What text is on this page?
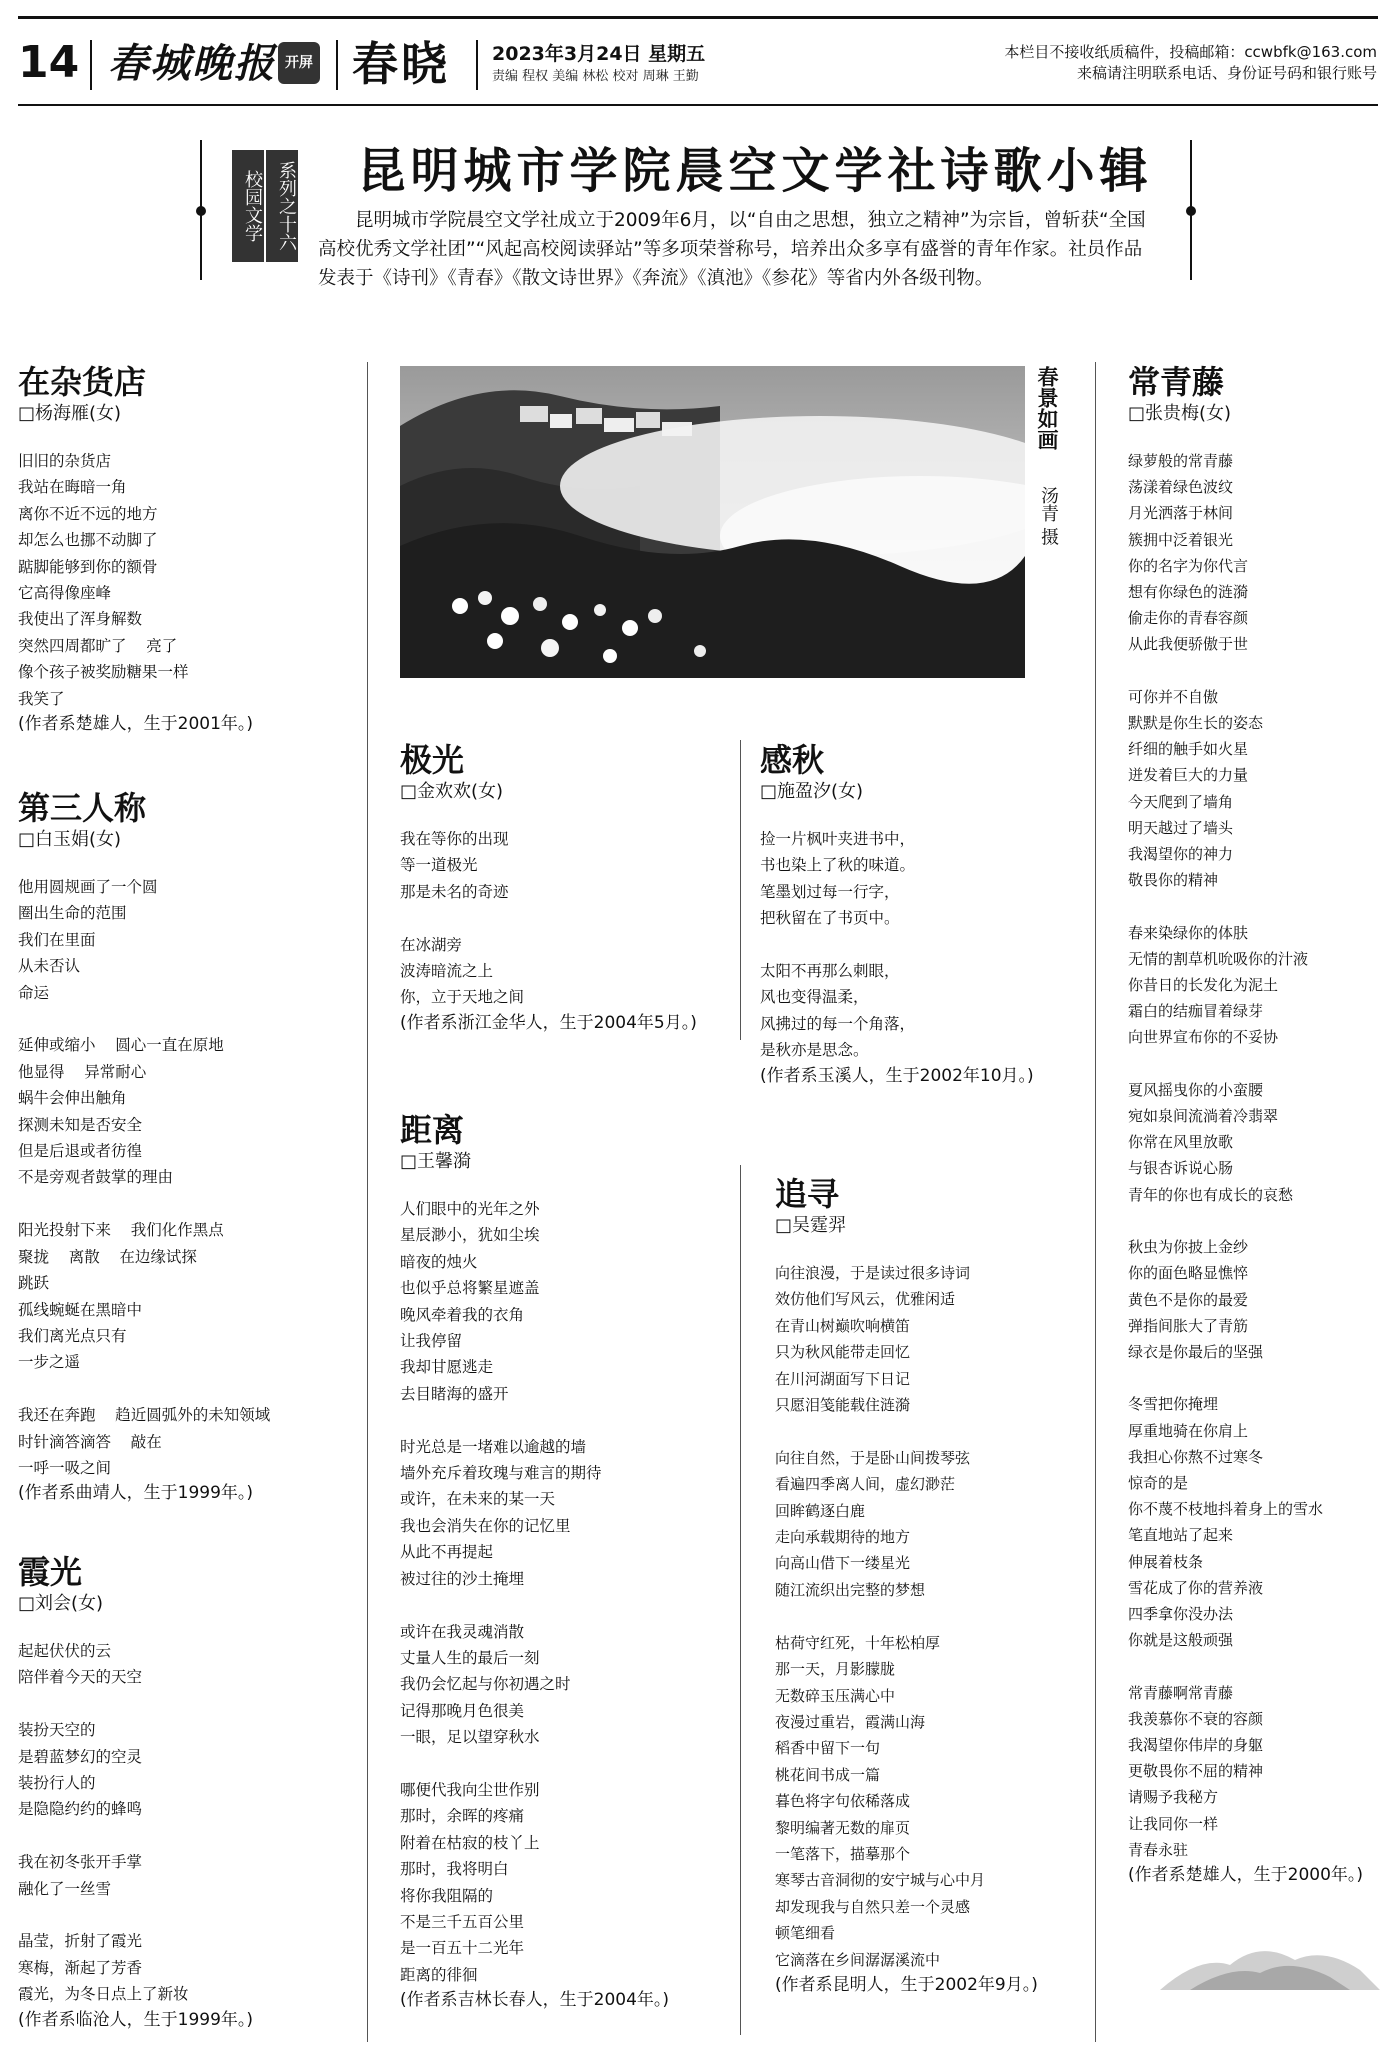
14 春城晚报 开屏 春晓 2023年3月24日 星期五
责编 程权 美编 林松 校对 周琳 王勤
本栏目不接收纸质稿件，投稿邮箱：ccwbfk@163.com
来稿请注明联系电话、身份证号码和银行账号
系列之十六
校园文学	昆明城市学院晨空文学社诗歌小辑
昆明城市学院晨空文学社成立于2009年6月，以“自由之思想，独立之精神”为宗旨，曾斩获“全国高校优秀文学社团”“风起高校阅读驿站”等多项荣誉称号，培养出众多享有盛誉的青年作家。社员作品发表于《诗刊》《青春》《散文诗世界》《奔流》《滇池》《参花》等省内外各级刊物。
春景如画
汤青 摄
在杂货店
□杨海雁(女)
旧旧的杂货店
我站在晦暗一角
离你不近不远的地方
却怎么也挪不动脚了
踮脚能够到你的额骨
它高得像座峰
我使出了浑身解数
突然四周都旷了    亮了
像个孩子被奖励糖果一样
我笑了
(作者系楚雄人，生于2001年。)
第三人称
□白玉娟(女)
他用圆规画了一个圆
圈出生命的范围
我们在里面
从未否认
命运

延伸或缩小    圆心一直在原地
他显得    异常耐心
蜗牛会伸出触角
探测未知是否安全
但是后退或者彷徨
不是旁观者鼓掌的理由

阳光投射下来    我们化作黑点
聚拢    离散    在边缘试探
跳跃
孤线蜿蜒在黑暗中
我们离光点只有
一步之遥

我还在奔跑    趋近圆弧外的未知领域
时针滴答滴答    敲在
一呼一吸之间
(作者系曲靖人，生于1999年。)
霞光
□刘会(女)
起起伏伏的云
陪伴着今天的天空

装扮天空的
是碧蓝梦幻的空灵
装扮行人的
是隐隐约约的蜂鸣

我在初冬张开手掌
融化了一丝雪

晶莹，折射了霞光
寒梅，渐起了芳香
霞光，为冬日点上了新妆
(作者系临沧人，生于1999年。)
极光
□金欢欢(女)
我在等你的出现
等一道极光
那是未名的奇迹

在冰湖旁
波涛暗流之上
你，立于天地之间
(作者系浙江金华人，生于2004年5月。)
距离
□王馨漪
人们眼中的光年之外
星辰渺小，犹如尘埃
暗夜的烛火
也似乎总将繁星遮盖
晚风牵着我的衣角
让我停留
我却甘愿逃走
去目睹海的盛开

时光总是一堵难以逾越的墙
墙外充斥着玫瑰与难言的期待
或许，在未来的某一天
我也会消失在你的记忆里
从此不再提起
被过往的沙土掩埋

或许在我灵魂消散
丈量人生的最后一刻
我仍会忆起与你初遇之时
记得那晚月色很美
一眼，足以望穿秋水

哪便代我向尘世作别
那时，余晖的疼痛
附着在枯寂的枝丫上
那时，我将明白
将你我阻隔的
不是三千五百公里
是一百五十二光年
距离的徘徊
(作者系吉林长春人，生于2004年。)
感秋
□施盈汐(女)
捡一片枫叶夹进书中，
书也染上了秋的味道。
笔墨划过每一行字，
把秋留在了书页中。

太阳不再那么刺眼，
风也变得温柔，
风拂过的每一个角落，
是秋亦是思念。
(作者系玉溪人，生于2002年10月。)
追寻
□吴霆羿
向往浪漫，于是读过很多诗词
效仿他们写风云，优雅闲适
在青山树巅吹响横笛
只为秋风能带走回忆
在川河湖面写下日记
只愿泪笺能载住涟漪

向往自然，于是卧山间拨琴弦
看遍四季离人间，虚幻渺茫
回眸鹤逐白鹿
走向承载期待的地方
向高山借下一缕星光
随江流织出完整的梦想

枯荷守红死，十年松柏厚
那一天，月影朦胧
无数碎玉压满心中
夜漫过重岩，霞满山海
稻香中留下一句
桃花间书成一篇
暮色将字句依稀落成
黎明编著无数的扉页
一笔落下，描摹那个
寒琴古音洞彻的安宁城与心中月
却发现我与自然只差一个灵感
顿笔细看
它滴落在乡间潺潺溪流中
(作者系昆明人，生于2002年9月。)
常青藤
□张贵梅(女)
绿萝般的常青藤
荡漾着绿色波纹
月光洒落于林间
簇拥中泛着银光
你的名字为你代言
想有你绿色的涟漪
偷走你的青春容颜
从此我便骄傲于世

可你并不自傲
默默是你生长的姿态
纤细的触手如火星
迸发着巨大的力量
今天爬到了墙角
明天越过了墙头
我渴望你的神力
敬畏你的精神

春来染绿你的体肤
无情的割草机吮吸你的汁液
你昔日的长发化为泥土
霜白的结痂冒着绿芽
向世界宣布你的不妥协

夏风摇曳你的小蛮腰
宛如泉间流淌着冷翡翠
你常在风里放歌
与银杏诉说心肠
青年的你也有成长的哀愁

秋虫为你披上金纱
你的面色略显憔悴
黄色不是你的最爱
弹指间胀大了青筋
绿衣是你最后的坚强

冬雪把你掩埋
厚重地骑在你肩上
我担心你熬不过寒冬
惊奇的是
你不蔑不枝地抖着身上的雪水
笔直地站了起来
伸展着枝条
雪花成了你的营养液
四季拿你没办法
你就是这般顽强

常青藤啊常青藤
我羡慕你不衰的容颜
我渴望你伟岸的身躯
更敬畏你不屈的精神
请赐予我秘方
让我同你一样
青春永驻
(作者系楚雄人，生于2000年。)
